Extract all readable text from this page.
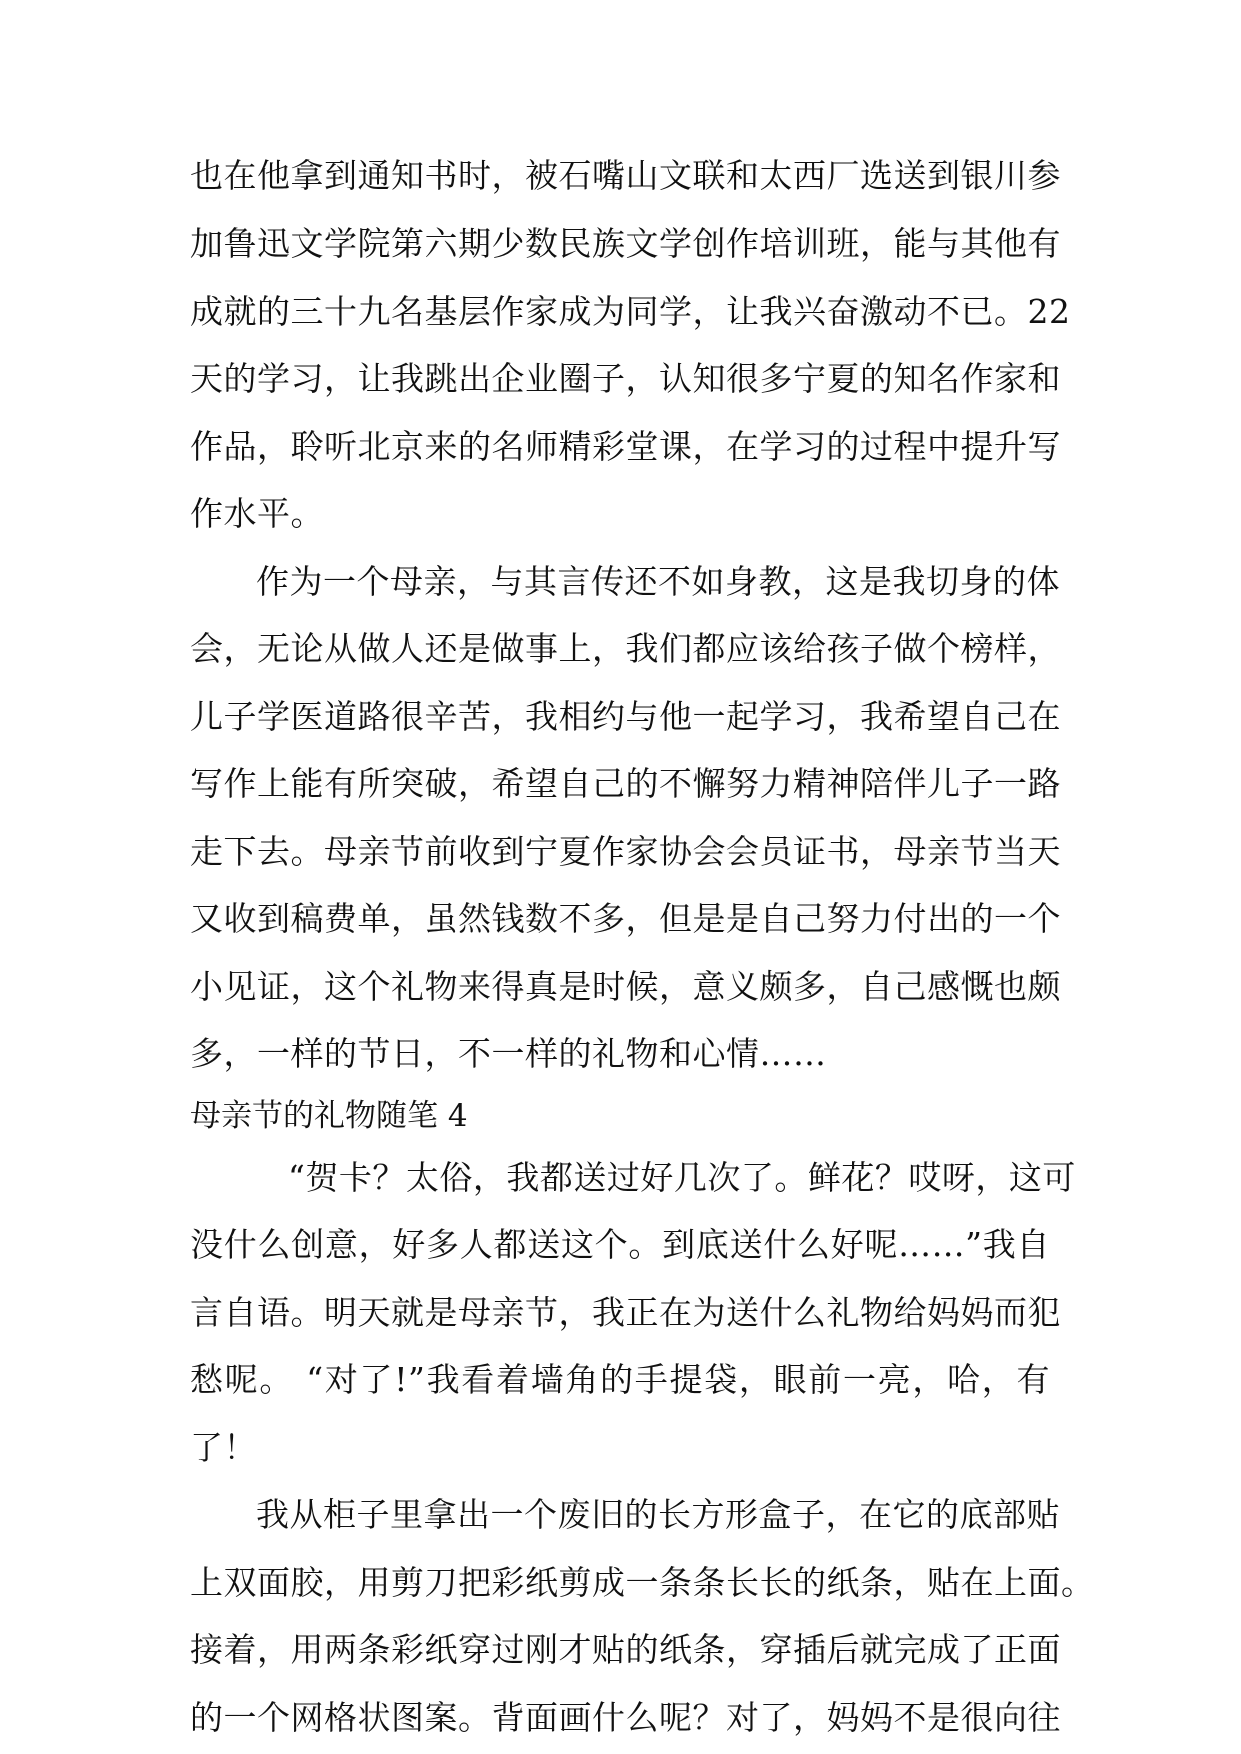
也在他拿到通知书时，被石嘴山文联和太西厂选送到银川参
加鲁迅文学院第六期少数民族文学创作培训班，能与其他有
成就的三十九名基层作家成为同学，让我兴奋激动不已。22
天的学习，让我跳出企业圈子，认知很多宁夏的知名作家和
作品，聆听北京来的名师精彩堂课，在学习的过程中提升写
作水平。
作为一个母亲，与其言传还不如身教，这是我切身的体
会，无论从做人还是做事上，我们都应该给孩子做个榜样，
儿子学医道路很辛苦，我相约与他一起学习，我希望自己在
写作上能有所突破，希望自己的不懈努力精神陪伴儿子一路
走下去。母亲节前收到宁夏作家协会会员证书，母亲节当天
又收到稿费单，虽然钱数不多，但是是自己努力付出的一个
小见证，这个礼物来得真是时候，意义颇多，自己感慨也颇
多，一样的节日，不一样的礼物和心情……
母亲节的礼物随笔 4
“贺卡？太俗，我都送过好几次了。鲜花？哎呀，这可
没什么创意，好多人都送这个。到底送什么好呢……”我自
言自语。明天就是母亲节，我正在为送什么礼物给妈妈而犯
愁呢。 “对了!”我看着墙角的手提袋，眼前一亮，哈，有
了！
我从柜子里拿出一个废旧的长方形盒子，在它的底部贴
上双面胶，用剪刀把彩纸剪成一条条长长的纸条，贴在上面。
接着，用两条彩纸穿过刚才贴的纸条，穿插后就完成了正面
的一个网格状图案。背面画什么呢？对了，妈妈不是很向往
